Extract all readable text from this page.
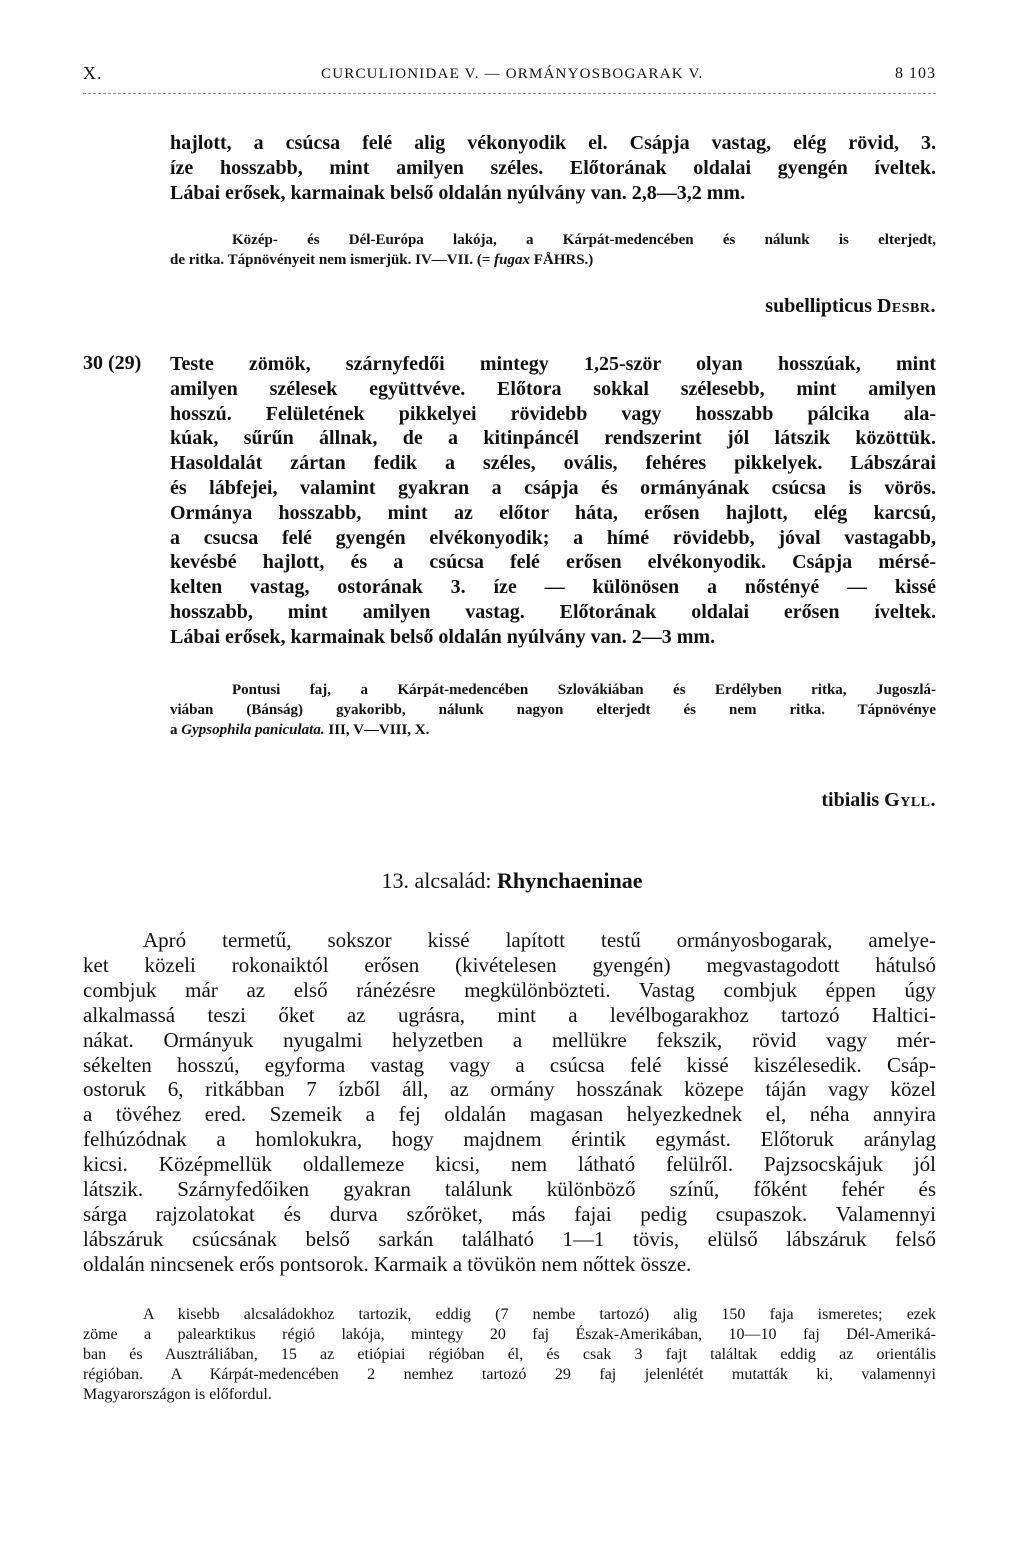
X.	CURCULIONIDAE V. — ORMÁNYOSBOGARAK V.	8 103
hajlott, a csúcsa felé alig vékonyodik el. Csápja vastag, elég rövid, 3.
íze hosszabb, mint amilyen széles. Előtorának oldalai gyengén íveltek.
Lábai erősek, karmainak belső oldalán nyúlvány van. 2,8—3,2 mm.
Közép- és Dél-Európa lakója, a Kárpát-medencében és nálunk is elterjedt,
de ritka. Tápnövényeit nem ismerjük. IV—VII. (= fugax FÅHRS.)
subellipticus Desbr.
30 (29) Teste zömök, szárnyfedői mintegy 1,25-ször olyan hosszúak, mint
amilyen szélesek együttvéve. Előtora sokkal szélesebb, mint amilyen
hosszú. Felületének pikkelyei rövidebb vagy hosszabb pálcika ala-
kúak, sűrűn állnak, de a kitinpáncél rendszerint jól látszik közöttük.
Hasoldalát zártan fedik a széles, ovális, fehéres pikkelyek. Lábszárai
és lábfejei, valamint gyakran a csápja és ormányának csúcsa is vörös.
Ormánya hosszabb, mint az előtor háta, erősen hajlott, elég karcsú,
a csucsa felé gyengén elvékonyodik; a hímé rövidebb, jóval vastagabb,
kevésbé hajlott, és a csúcsa felé erősen elvékonyodik. Csápja mérsé-
kelten vastag, ostorának 3. íze — különösen a nőstényé — kissé
hosszabb, mint amilyen vastag. Előtorának oldalai erősen íveltek.
Lábai erősek, karmainak belső oldalán nyúlvány van. 2—3 mm.
Pontusi faj, a Kárpát-medencében Szlovákiában és Erdélyben ritka, Jugoszlá-
viában (Bánság) gyakoribb, nálunk nagyon elterjedt és nem ritka. Tápnövénye
a Gypsophila paniculata. III, V—VIII, X.
tibialis Gyll.
13. alcsalád: Rhynchaeninae
Apró termetű, sokszor kissé lapított testű ormányosbogarak, amelye-
ket közeli rokonaiktól erősen (kivételesen gyengén) megvastagodott hátulsó
combjuk már az első ránézésre megkülönbözteti. Vastag combjuk éppen úgy
alkalmassá teszi őket az ugrásra, mint a levélbogarakhoz tartozó Haltici-
nákat. Ormányuk nyugalmi helyzetben a mellükre fekszik, rövid vagy mér-
sékelten hosszú, egyforma vastag vagy a csúcsa felé kissé kiszélesedik. Csáp-
ostoruk 6, ritkábban 7 ízből áll, az ormány hosszának közepe táján vagy közel
a tövéhez ered. Szemeik a fej oldalán magasan helyezkednek el, néha annyira
felhúzódnak a homlokukra, hogy majdnem érintik egymást. Előtoruk aránylag
kicsi. Középmellük oldallemeze kicsi, nem látható felülről. Pajzsocskájuk jól
látszik. Szárnyfedőiken gyakran találunk különböző színű, főként fehér és
sárga rajzolatokat és durva szőröket, más fajai pedig csupaszok. Valamennyi
lábszáruk csúcsának belső sarkán található 1—1 tövis, elülső lábszáruk felső
oldalán nincsenek erős pontsorok. Karmaik a tövükön nem nőttek össze.
A kisebb alcsaládokhoz tartozik, eddig (7 nembe tartozó) alig 150 faja ismeretes; ezek
zöme a palearktikus régió lakója, mintegy 20 faj Észak-Amerikában, 10—10 faj Dél-Ameriká-
ban és Ausztráliában, 15 az etiópiai régióban él, és csak 3 fajt találtak eddig az orientális
régióban. A Kárpát-medencében 2 nemhez tartozó 29 faj jelenlétét mutatták ki, valamennyi
Magyarországon is előfordul.
